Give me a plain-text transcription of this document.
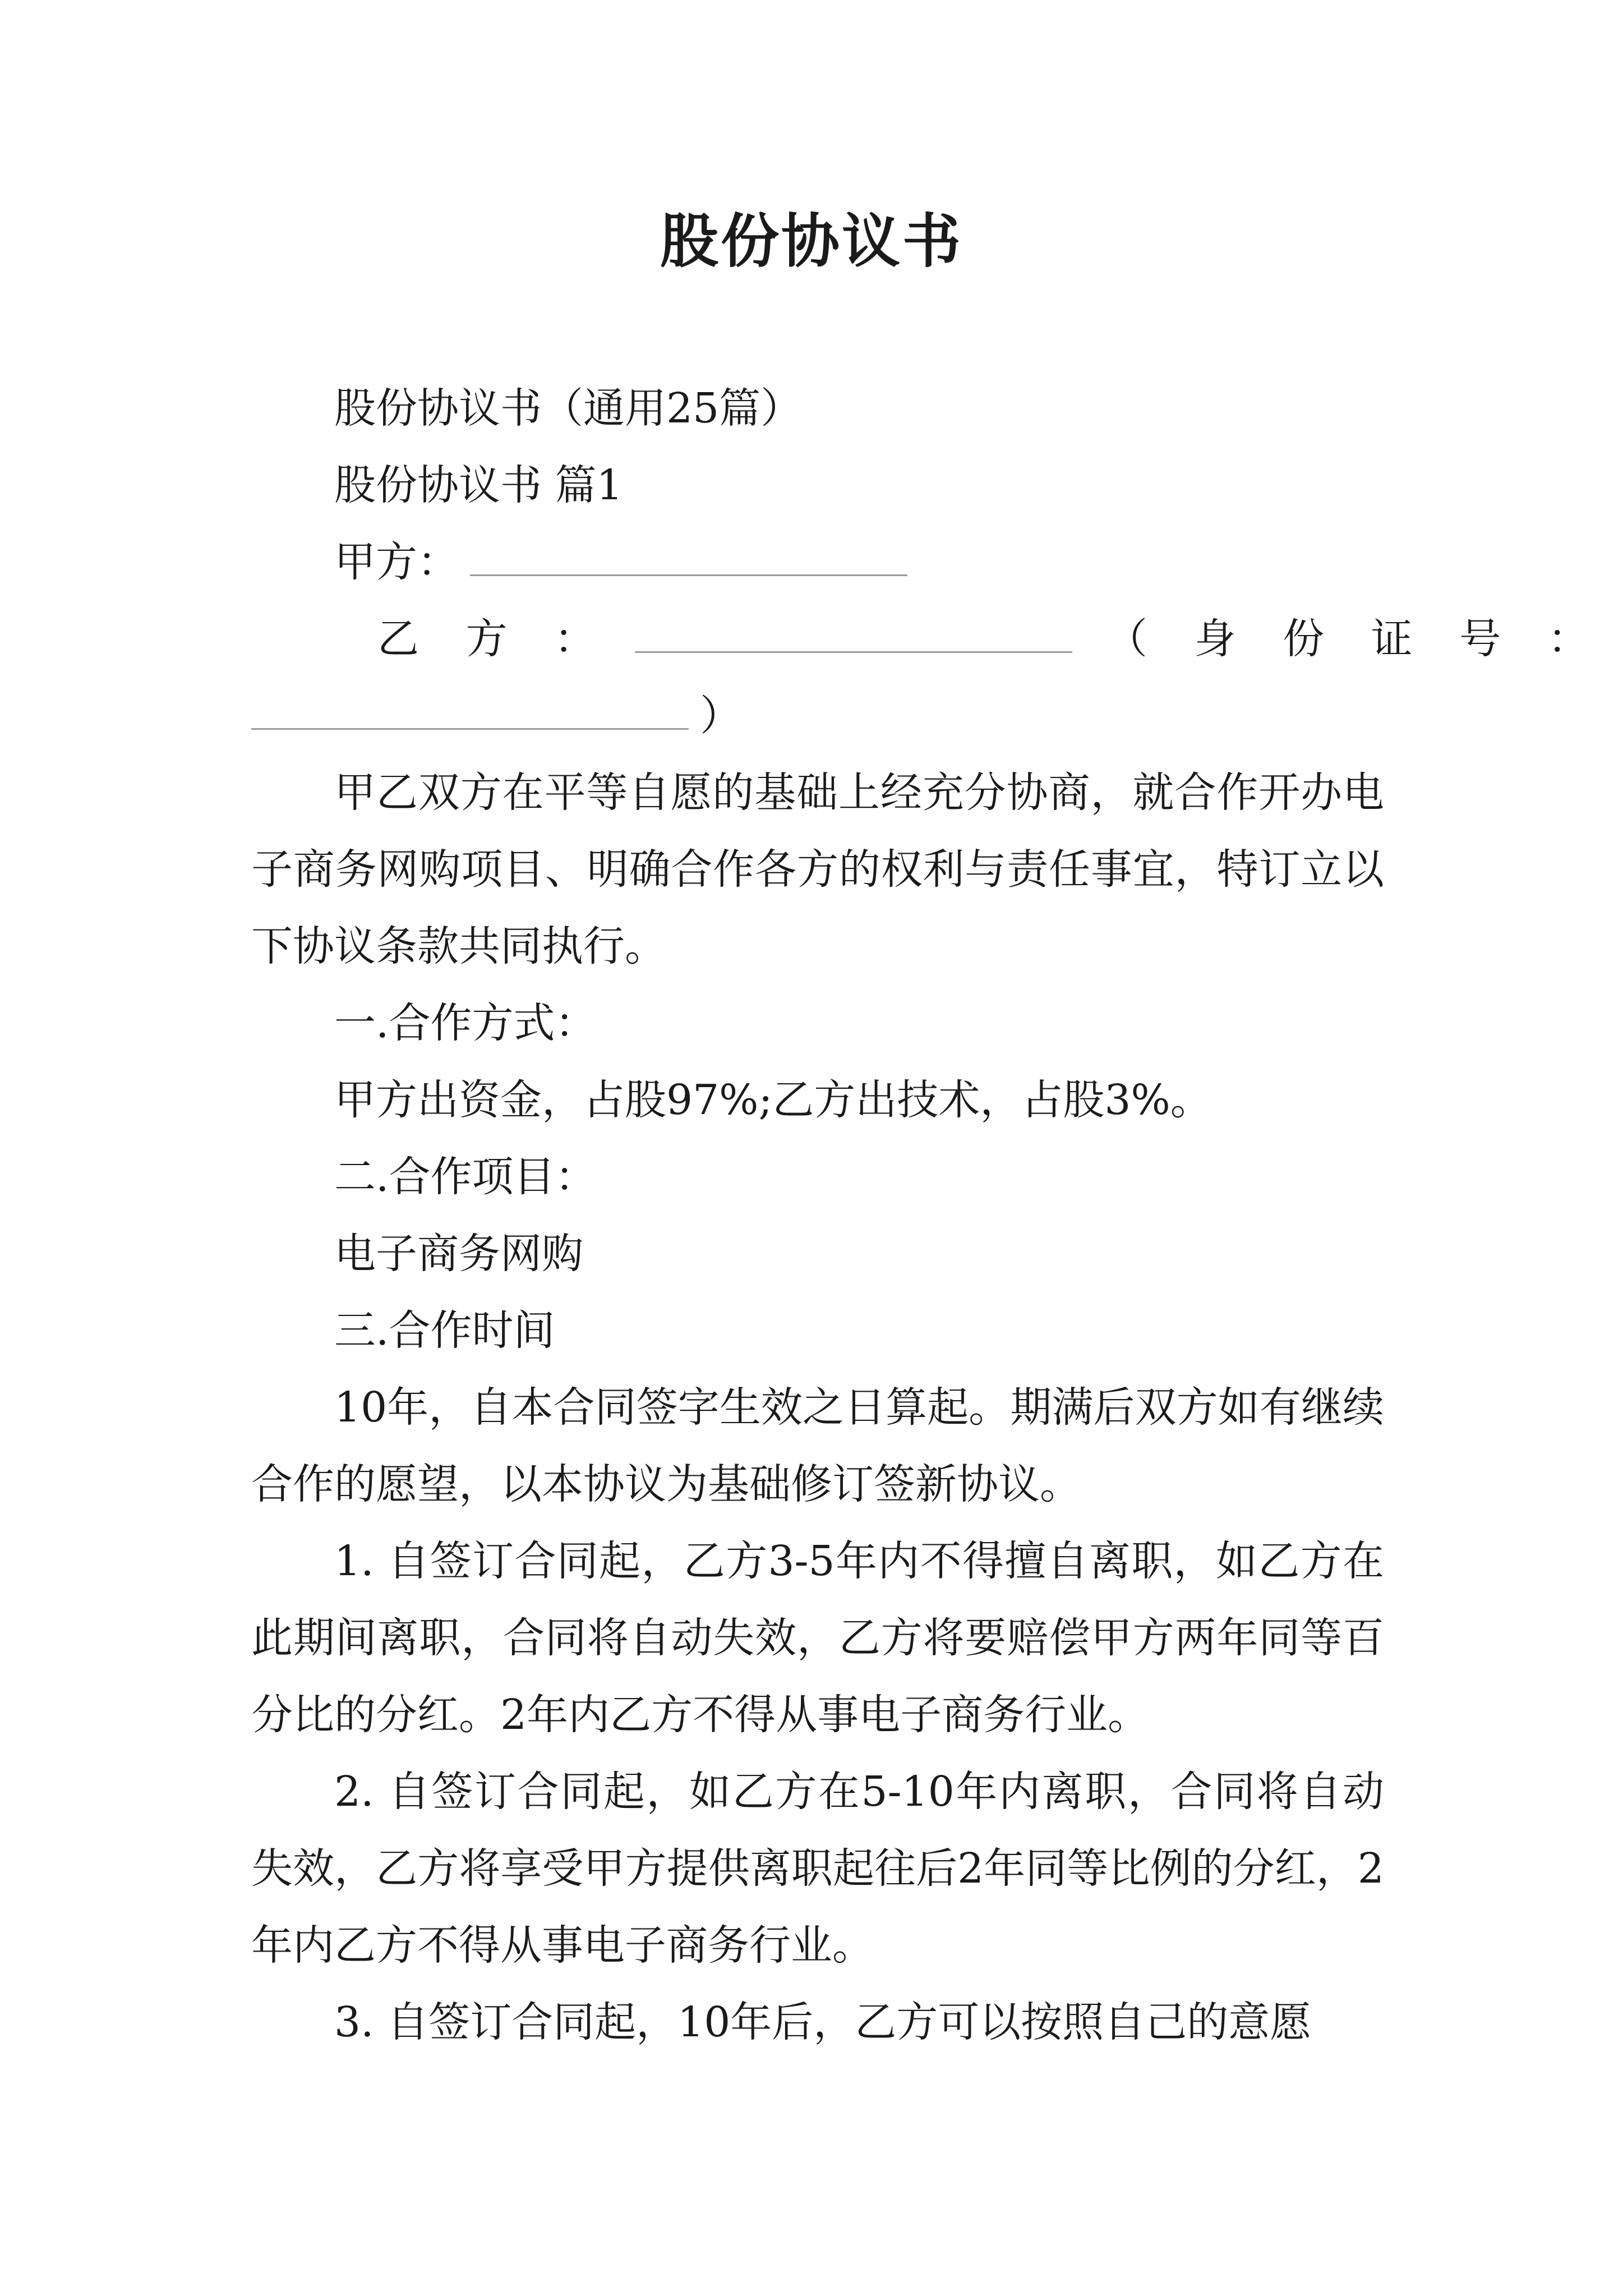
股份协议书

股份协议书（通用25篇）

股份协议书 篇1

甲方：

乙 方 ：	（ 身 份 证 号 ：

）

甲乙双方在平等自愿的基础上经充分协商，就合作开办电子商务网购项目、明确合作各方的权利与责任事宜，特订立以下协议条款共同执行。

一.合作方式：

甲方出资金，占股97%;乙方出技术，占股3%。

二.合作项目：

电子商务网购

三.合作时间

10年，自本合同签字生效之日算起。期满后双方如有继续合作的愿望，以本协议为基础修订签新协议。

1. 自签订合同起，乙方3-5年内不得擅自离职，如乙方在此期间离职，合同将自动失效，乙方将要赔偿甲方两年同等百分比的分红。2年内乙方不得从事电子商务行业。

2. 自签订合同起，如乙方在5-10年内离职，合同将自动失效，乙方将享受甲方提供离职起往后2年同等比例的分红，2年内乙方不得从事电子商务行业。

3. 自签订合同起，10年后，乙方可以按照自己的意愿
